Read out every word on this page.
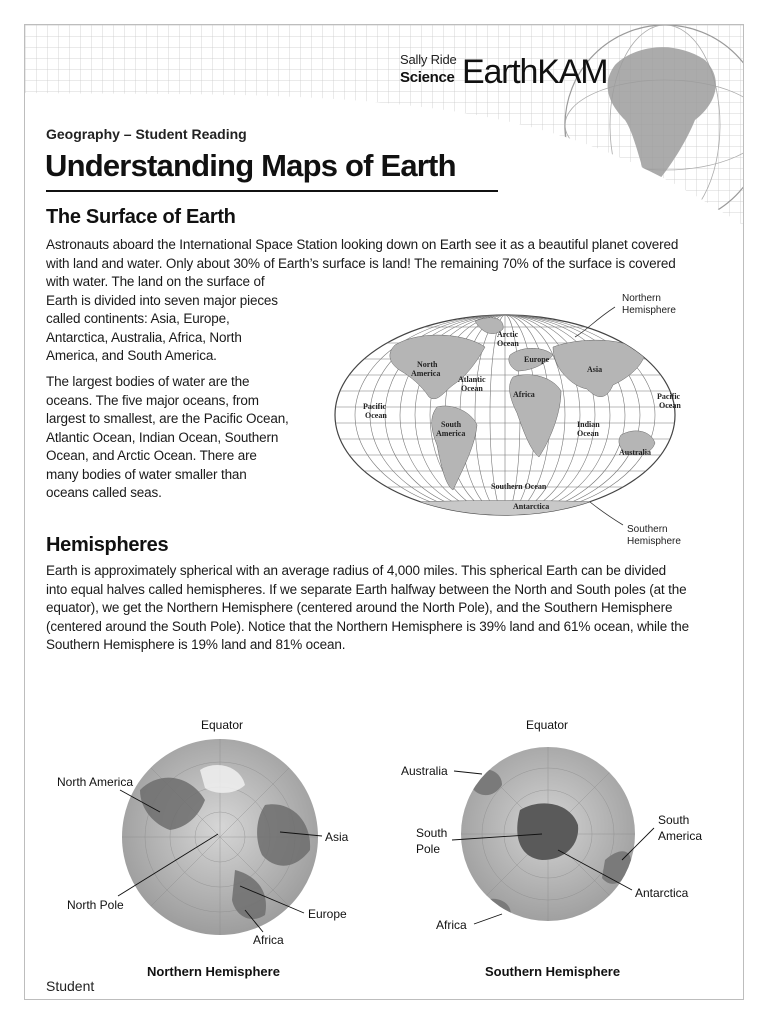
Sally Ride
Science EarthKAM
Geography – Student Reading
Understanding Maps of Earth
The Surface of Earth
Astronauts aboard the International Space Station looking down on Earth see it as a beautiful planet covered
with land and water. Only about 30% of Earth’s surface is land! The remaining 70% of the surface is covered
with water. The land on the surface of
Earth is divided into seven major pieces
called continents: Asia, Europe,
Antarctica, Australia, Africa, North
America, and South America.
The largest bodies of water are the
oceans. The five major oceans, from
largest to smallest, are the Pacific Ocean,
Atlantic Ocean, Indian Ocean, Southern
Ocean, and Arctic Ocean. There are
many bodies of water smaller than
oceans called seas.
Arctic
Ocean
North
America
Europe
Asia
Atlantic
Ocean
Pacific
Ocean
Pacific
Ocean
Africa
South
America
Indian
Ocean
Australia
Southern Ocean
Antarctica
Northern
Hemisphere
Southern
Hemisphere
Hemispheres
Earth is approximately spherical with an average radius of 4,000 miles. This spherical Earth can be divided
into equal halves called hemispheres. If we separate Earth halfway between the North and South poles (at the
equator), we get the Northern Hemisphere (centered around the North Pole), and the Southern Hemisphere
(centered around the South Pole). Notice that the Northern Hemisphere is 39% land and 61% ocean, while the
Southern Hemisphere is 19% land and 81% ocean.
Equator
North America
Asia
North Pole
Europe
Africa
Northern Hemisphere
Equator
Australia
South
Pole
South
America
Antarctica
Africa
Southern Hemisphere
Student
